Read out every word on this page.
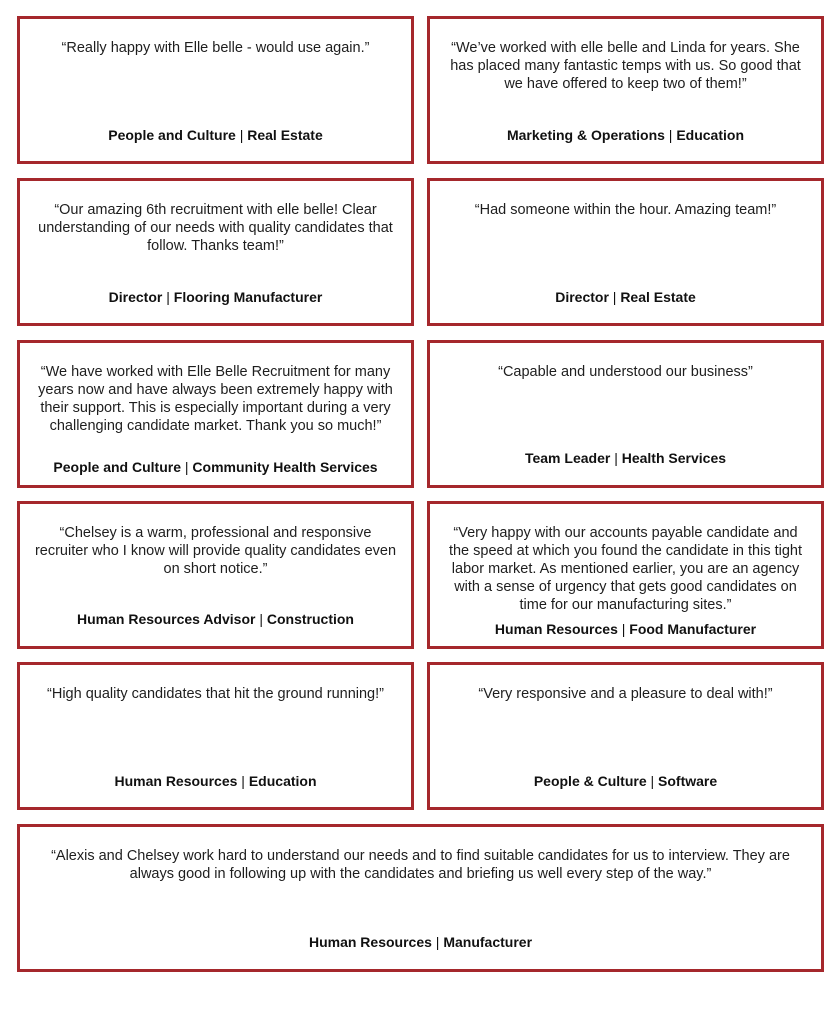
“Really happy with Elle belle - would use again.”

People and Culture | Real Estate

“We’ve worked with elle belle and Linda for years. She has placed many fantastic temps with us. So good that we have offered to keep two of them!”

Marketing & Operations | Education

“Our amazing 6th recruitment with elle belle! Clear understanding of our needs with quality candidates that follow. Thanks team!”

Director | Flooring Manufacturer

“Had someone within the hour. Amazing team!”

Director | Real Estate

“We have worked with Elle Belle Recruitment for many years now and have always been extremely happy with their support. This is especially important during a very challenging candidate market. Thank you so much!”

People and Culture | Community Health Services

“Capable and understood our business”

Team Leader | Health Services

“Chelsey is a warm, professional and responsive recruiter who I know will provide quality candidates even on short notice.”

Human Resources Advisor | Construction

“Very happy with our accounts payable candidate and the speed at which you found the candidate in this tight labor market. As mentioned earlier, you are an agency with a sense of urgency that gets good candidates on time for our manufacturing sites.”

Human Resources | Food Manufacturer

“High quality candidates that hit the ground running!”

Human Resources | Education

“Very responsive and a pleasure to deal with!”

People & Culture | Software

“Alexis and Chelsey work hard to understand our needs and to find suitable candidates for us to interview. They are always good in following up with the candidates and briefing us well every step of the way.”

Human Resources | Manufacturer
